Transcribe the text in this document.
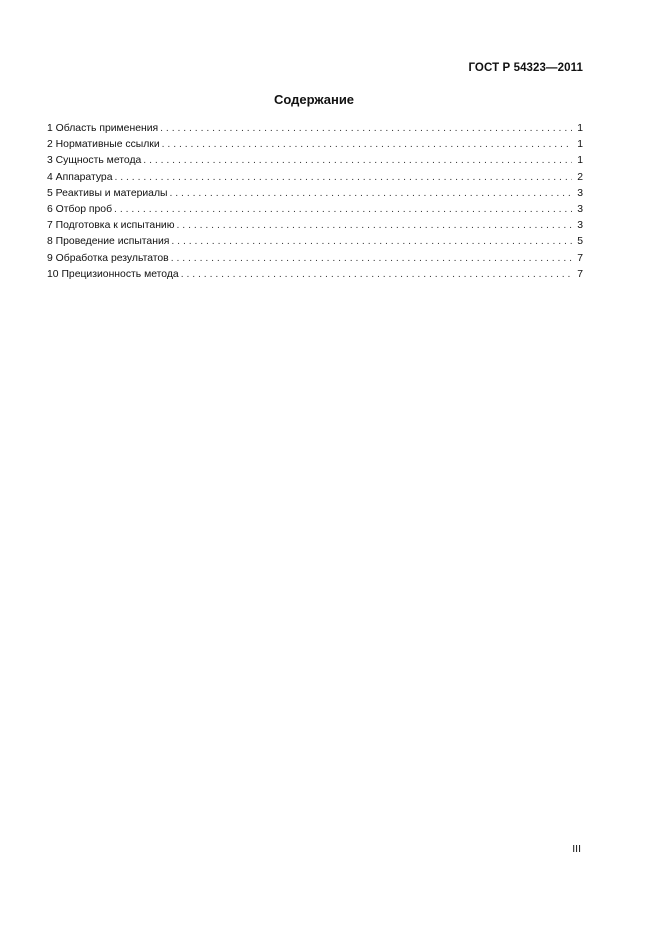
ГОСТ Р 54323—2011
Содержание
1 Область применения . . .	1
2 Нормативные ссылки . . .	1
3 Сущность метода . . .	1
4 Аппаратура . . .	2
5 Реактивы и материалы . . .	3
6 Отбор проб . . .	3
7 Подготовка к испытанию . . .	3
8 Проведение испытания . . .	5
9 Обработка результатов . . .	7
10 Прецизионность метода . . .	7
III
